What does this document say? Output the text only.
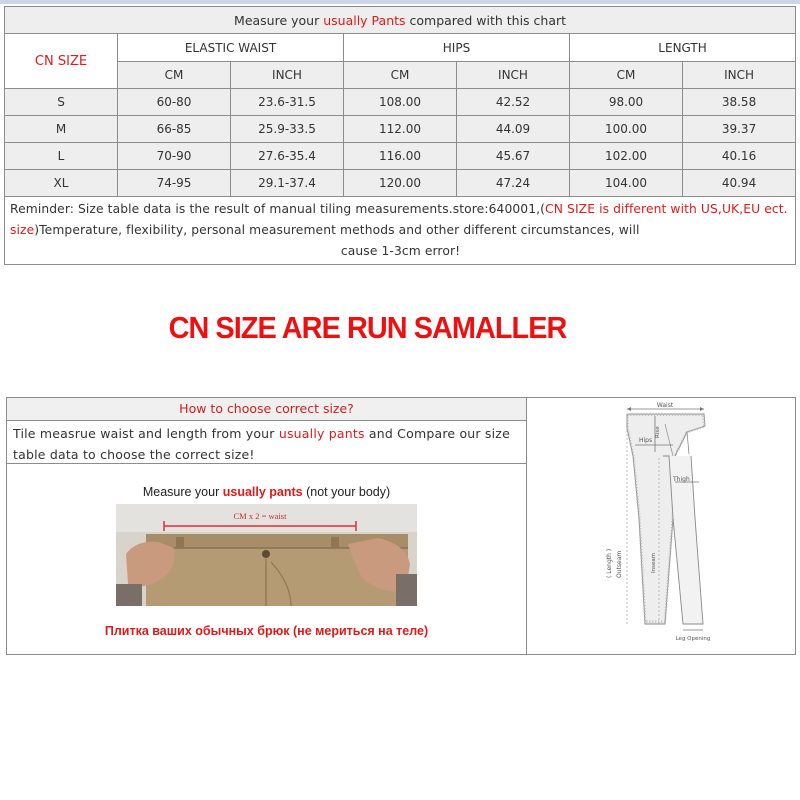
Measure your usually Pants compared with this chart						
CN SIZE	ELASTIC WAIST		HIPS		LENGTH	
	CM	INCH	CM	INCH	CM	INCH
S	60-80	23.6-31.5	108.00	42.52	98.00	38.58
M	66-85	25.9-33.5	112.00	44.09	100.00	39.37
L	70-90	27.6-35.4	116.00	45.67	102.00	40.16
XL	74-95	29.1-37.4	120.00	47.24	104.00	40.94
Reminder: Size table data is the result of manual tiling measurements.store:640001,(CN SIZE is different with US,UK,EU ect. size)Temperature, flexibility, personal measurement methods and other different circumstances, will
cause 1-3cm error!						
CN SIZE ARE RUN SAMALLER
How to choose correct size?
Tile measrue waist and length from your usually pants and Compare our size table data to choose the correct size!
Measure your usually pants (not your body)
CM x 2 = waist
Плитка ваших обычных брюк (не мериться на теле)
Waist
Hips
Rise
Thigh
( Length ) Outseam	Inseam
Leg Opening
